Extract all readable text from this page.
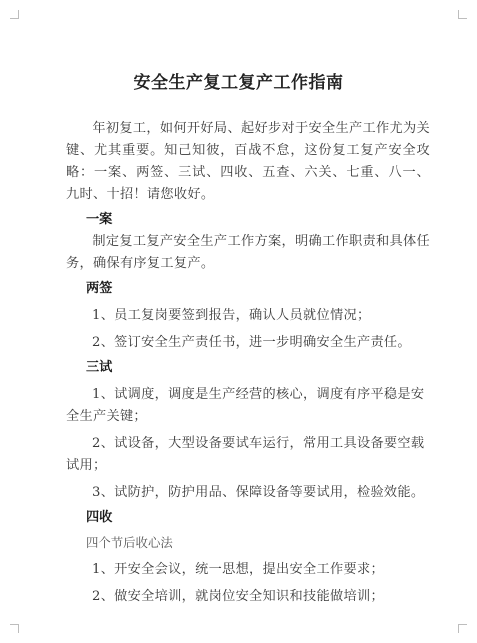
安全生产复工复产工作指南

年初复工，如何开好局、起好步对于安全生产工作尤为关键、尤其重要。知己知彼，百战不怠，这份复工复产安全攻略：一案、两签、三试、四收、五查、六关、七重、八一、九时、十招！请您收好。

一案

制定复工复产安全生产工作方案，明确工作职责和具体任务，确保有序复工复产。

两签

1、员工复岗要签到报告，确认人员就位情况；

2、签订安全生产责任书，进一步明确安全生产责任。

三试

1、试调度，调度是生产经营的核心，调度有序平稳是安全生产关键；

2、试设备，大型设备要试车运行，常用工具设备要空载试用；

3、试防护，防护用品、保障设备等要试用，检验效能。

四收
四个节后收心法

1、开安全会议，统一思想，提出安全工作要求；

2、做安全培训，就岗位安全知识和技能做培训；
